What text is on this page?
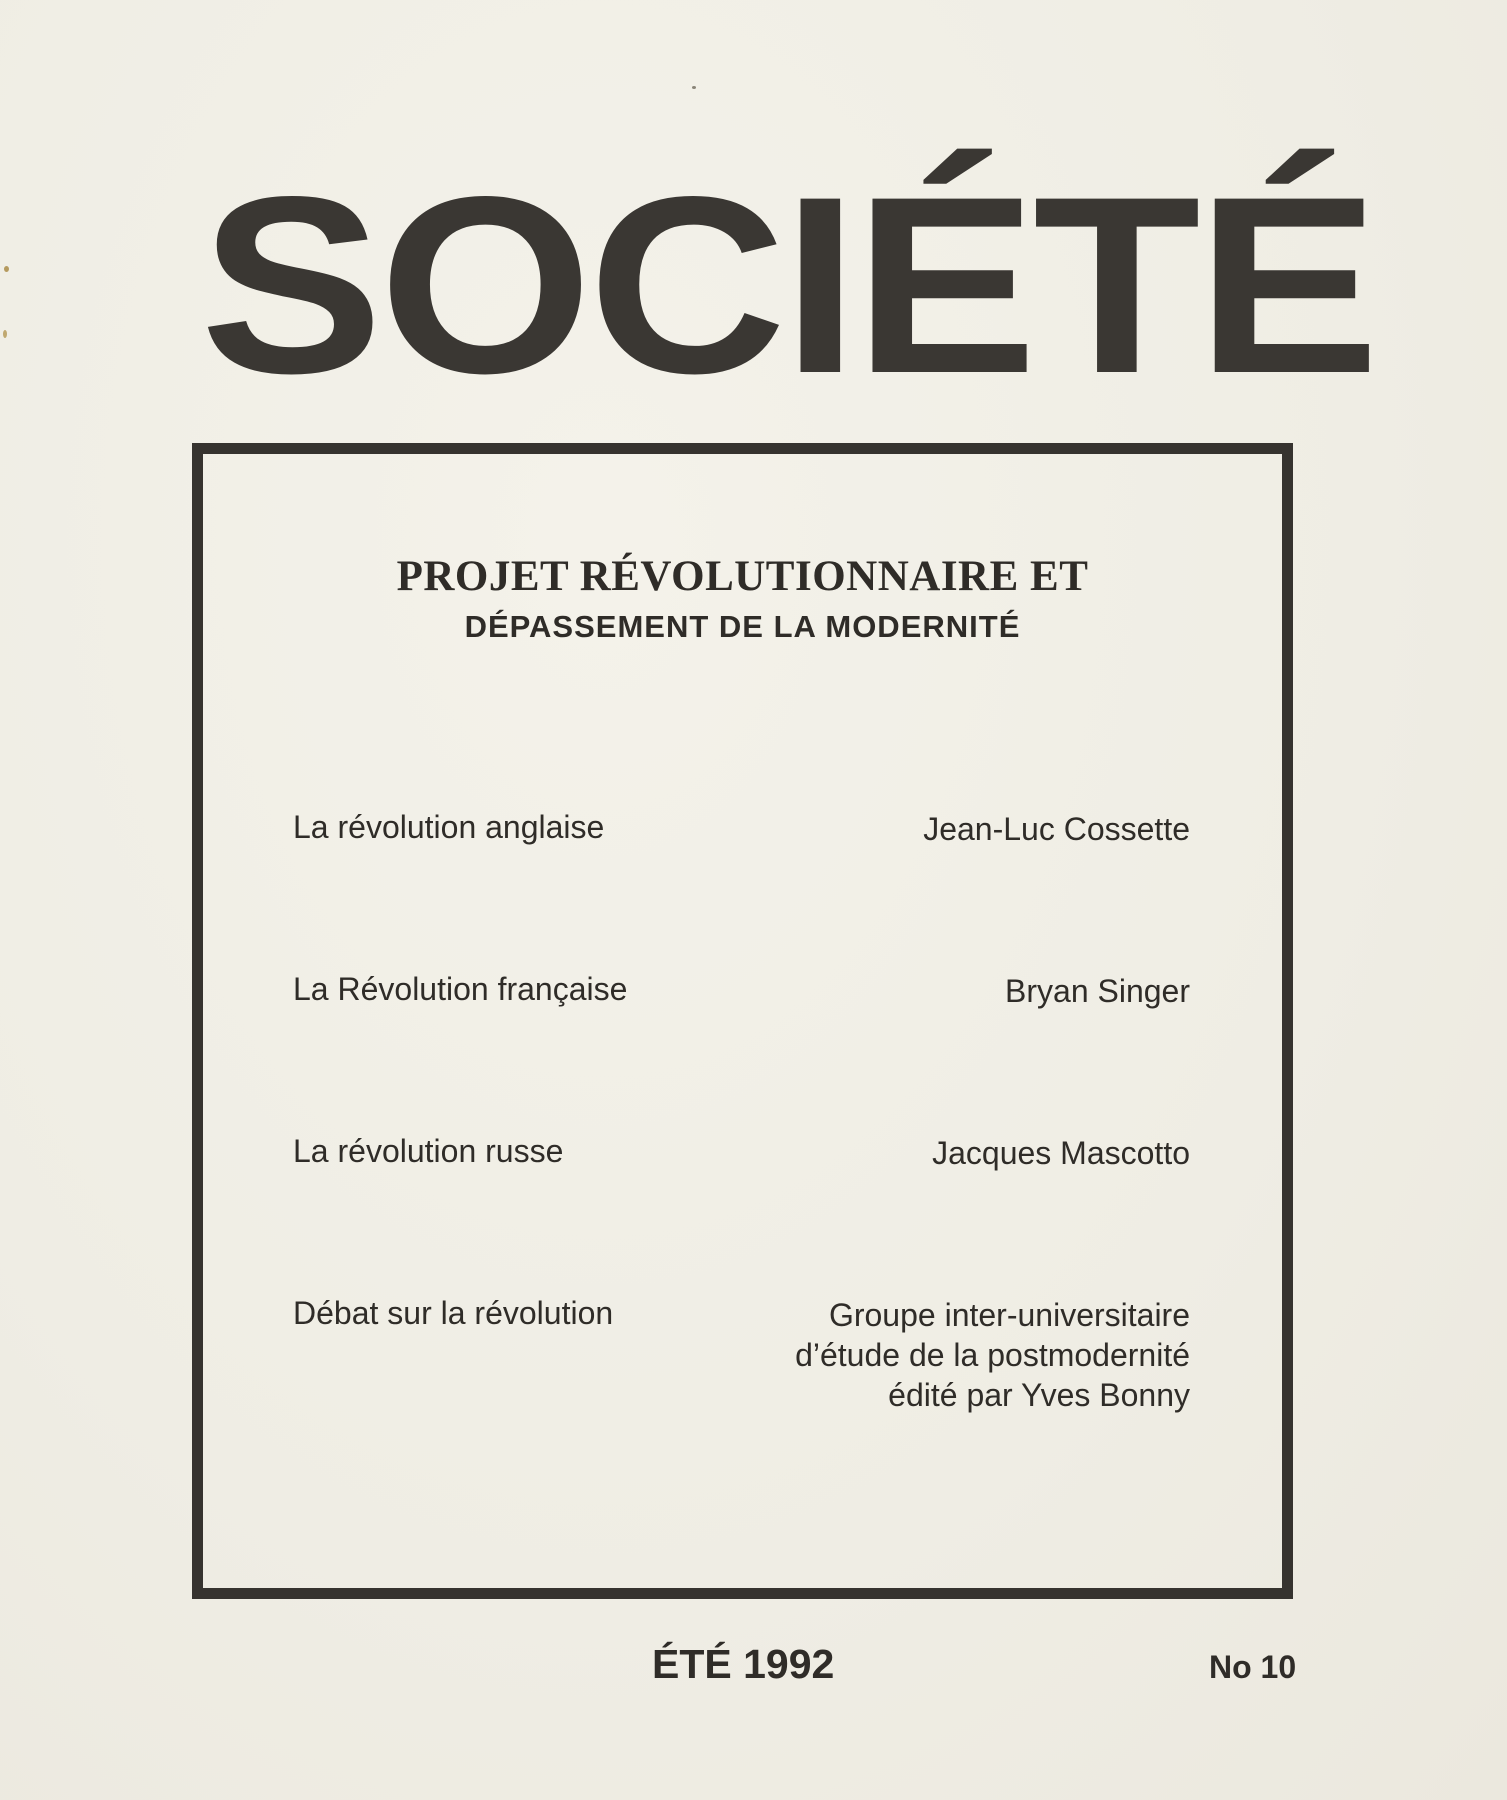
SOCIÉTÉ
PROJET RÉVOLUTIONNAIRE ET
DÉPASSEMENT DE LA MODERNITÉ
La révolution anglaise	Jean-Luc Cossette
La Révolution française	Bryan Singer
La révolution russe	Jacques Mascotto
Débat sur la révolution	Groupe inter-universitaire
d’étude de la postmodernité
édité par Yves Bonny
ÉTÉ 1992	No 10
